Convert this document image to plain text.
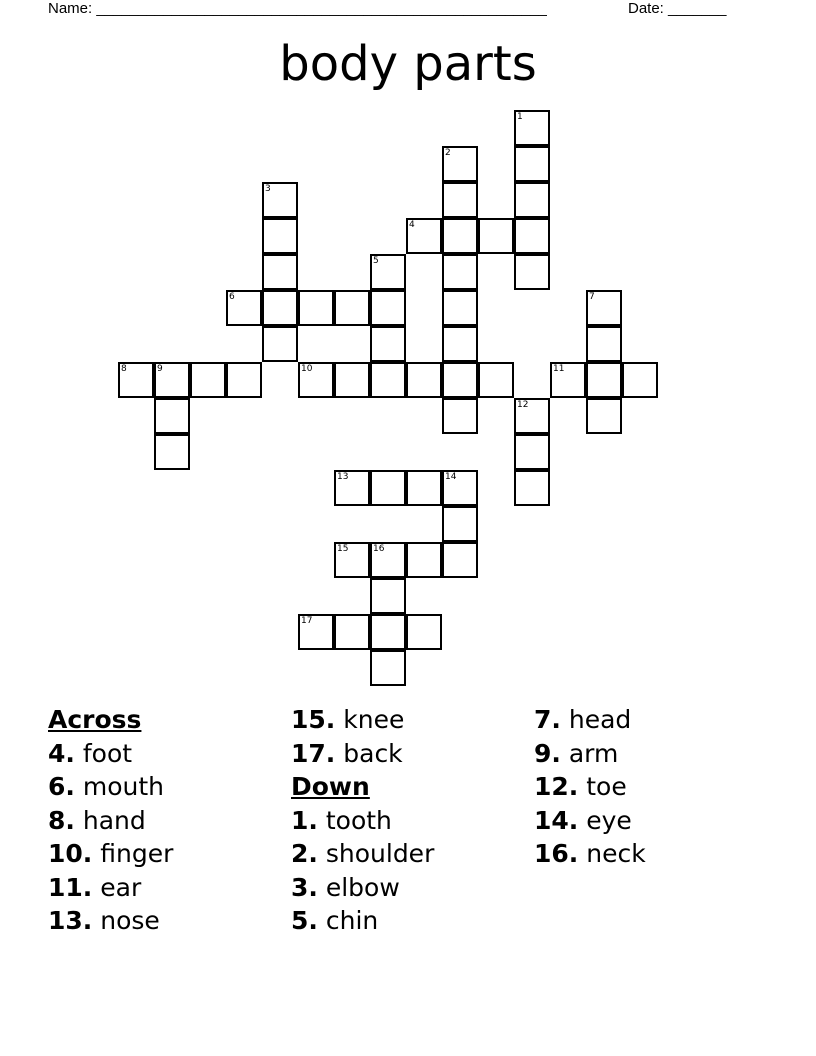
Name: ______________________________________________________	Date: _______
body parts
1
2
3
4
5
6	7
8	9	10	11
12
13	14
15	16
17
Across
4. foot
6. mouth
8. hand
10. finger
11. ear
13. nose
15. knee
17. back
Down
1. tooth
2. shoulder
3. elbow
5. chin
7. head
9. arm
12. toe
14. eye
16. neck
